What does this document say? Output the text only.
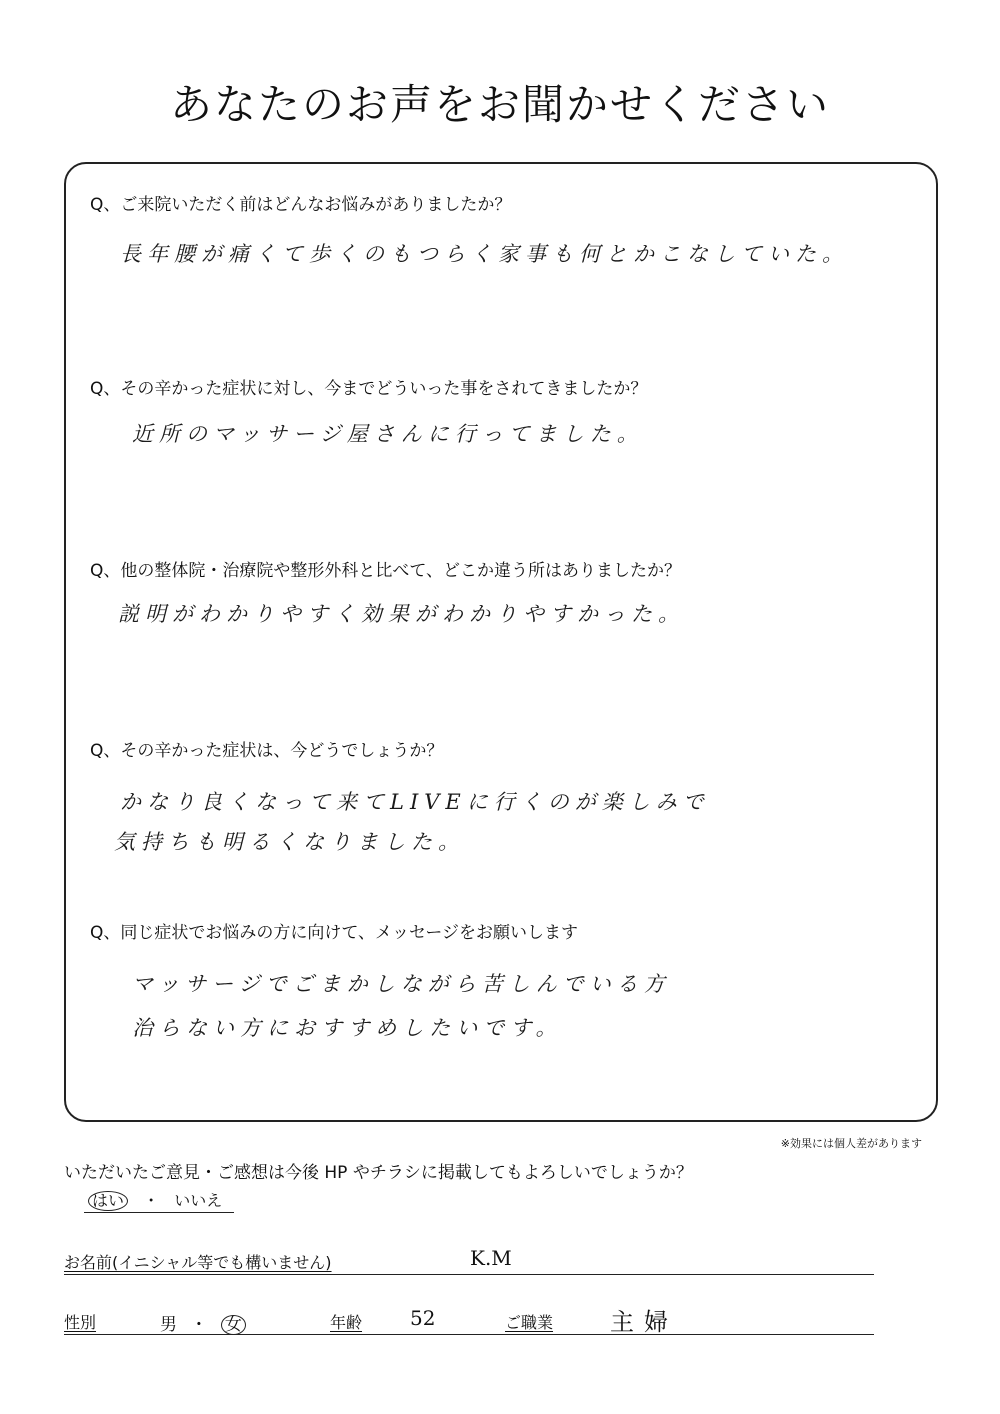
あなたのお声をお聞かせください
Q、ご来院いただく前はどんなお悩みがありましたか？
長年腰が痛くて歩くのもつらく家事も何とかこなしていた。
Q、その辛かった症状に対し、今までどういった事をされてきましたか？
近所のマッサージ屋さんに行ってました。
Q、他の整体院・治療院や整形外科と比べて、どこか違う所はありましたか？
説明がわかりやすく効果がわかりやすかった。
Q、その辛かった症状は、今どうでしょうか？
かなり良くなって来てLIVEに行くのが楽しみで
気持ちも明るくなりました。
Q、同じ症状でお悩みの方に向けて、メッセージをお願いします
マッサージでごまかしながら苦しんでいる方
治らない方におすすめしたいです。
※効果には個人差があります
いただいたご意見・ご感想は今後 HP やチラシに掲載してもよろしいでしょうか？
はい ・ いいえ
お名前(イニシャル等でも構いません)	K.M
性別	男 ・ 女	年齢 52	ご職業 主婦
